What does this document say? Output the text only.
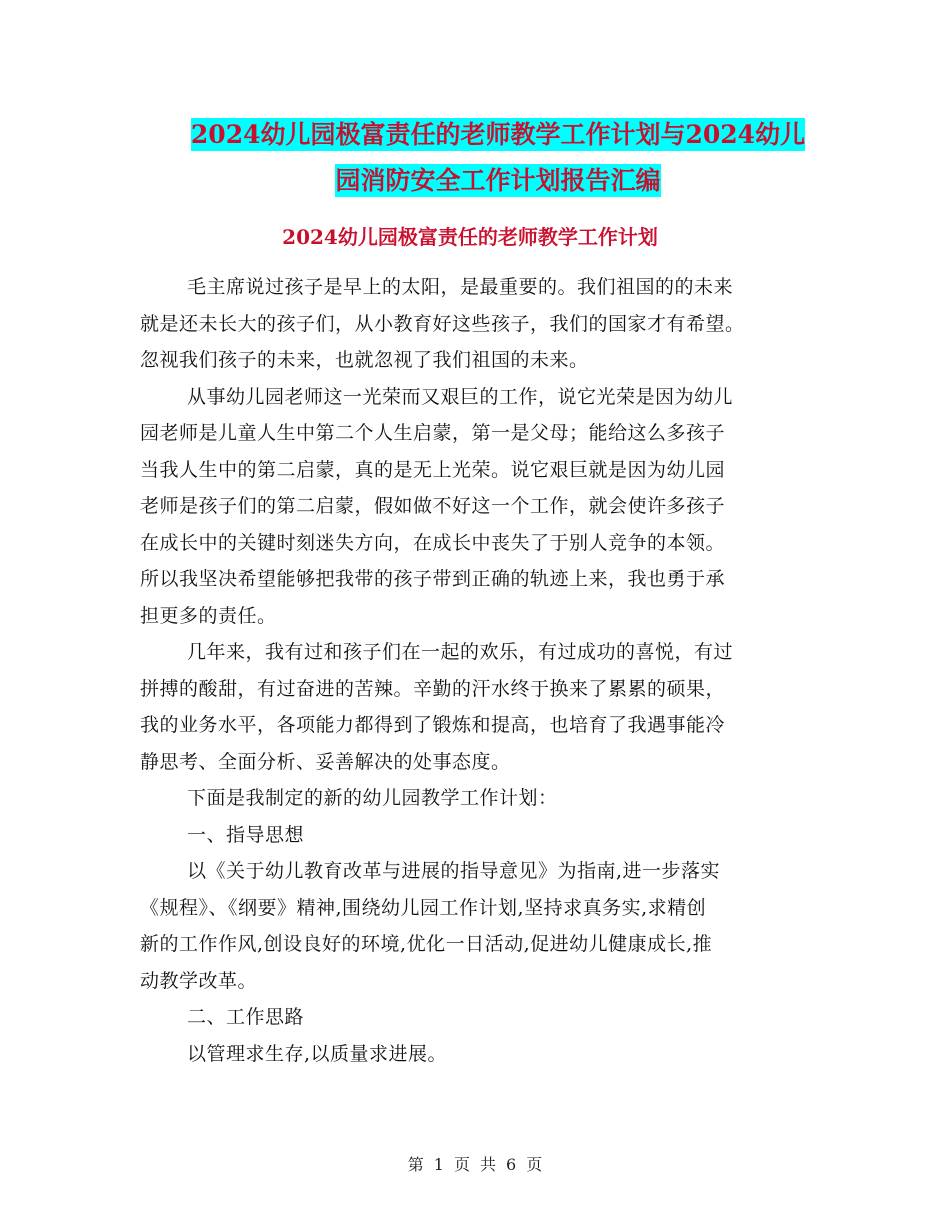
2024幼儿园极富责任的老师教学工作计划与2024幼儿
园消防安全工作计划报告汇编
2024幼儿园极富责任的老师教学工作计划
毛主席说过孩子是早上的太阳，是最重要的。我们祖国的的未来
就是还未长大的孩子们，从小教育好这些孩子，我们的国家才有希望。
忽视我们孩子的未来，也就忽视了我们祖国的未来。
从事幼儿园老师这一光荣而又艰巨的工作，说它光荣是因为幼儿
园老师是儿童人生中第二个人生启蒙，第一是父母；能给这么多孩子
当我人生中的第二启蒙，真的是无上光荣。说它艰巨就是因为幼儿园
老师是孩子们的第二启蒙，假如做不好这一个工作，就会使许多孩子
在成长中的关键时刻迷失方向，在成长中丧失了于别人竞争的本领。
所以我坚决希望能够把我带的孩子带到正确的轨迹上来，我也勇于承
担更多的责任。
几年来，我有过和孩子们在一起的欢乐，有过成功的喜悦，有过
拼搏的酸甜，有过奋进的苦辣。辛勤的汗水终于换来了累累的硕果，
我的业务水平，各项能力都得到了锻炼和提高，也培育了我遇事能冷
静思考、全面分析、妥善解决的处事态度。
下面是我制定的新的幼儿园教学工作计划：
一、指导思想
以《关于幼儿教育改革与进展的指导意见》为指南,进一步落实
《规程》、《纲要》精神,围绕幼儿园工作计划,坚持求真务实,求精创
新的工作作风,创设良好的环境,优化一日活动,促进幼儿健康成长,推
动教学改革。
二、工作思路
以管理求生存,以质量求进展。
第 1 页 共 6 页
